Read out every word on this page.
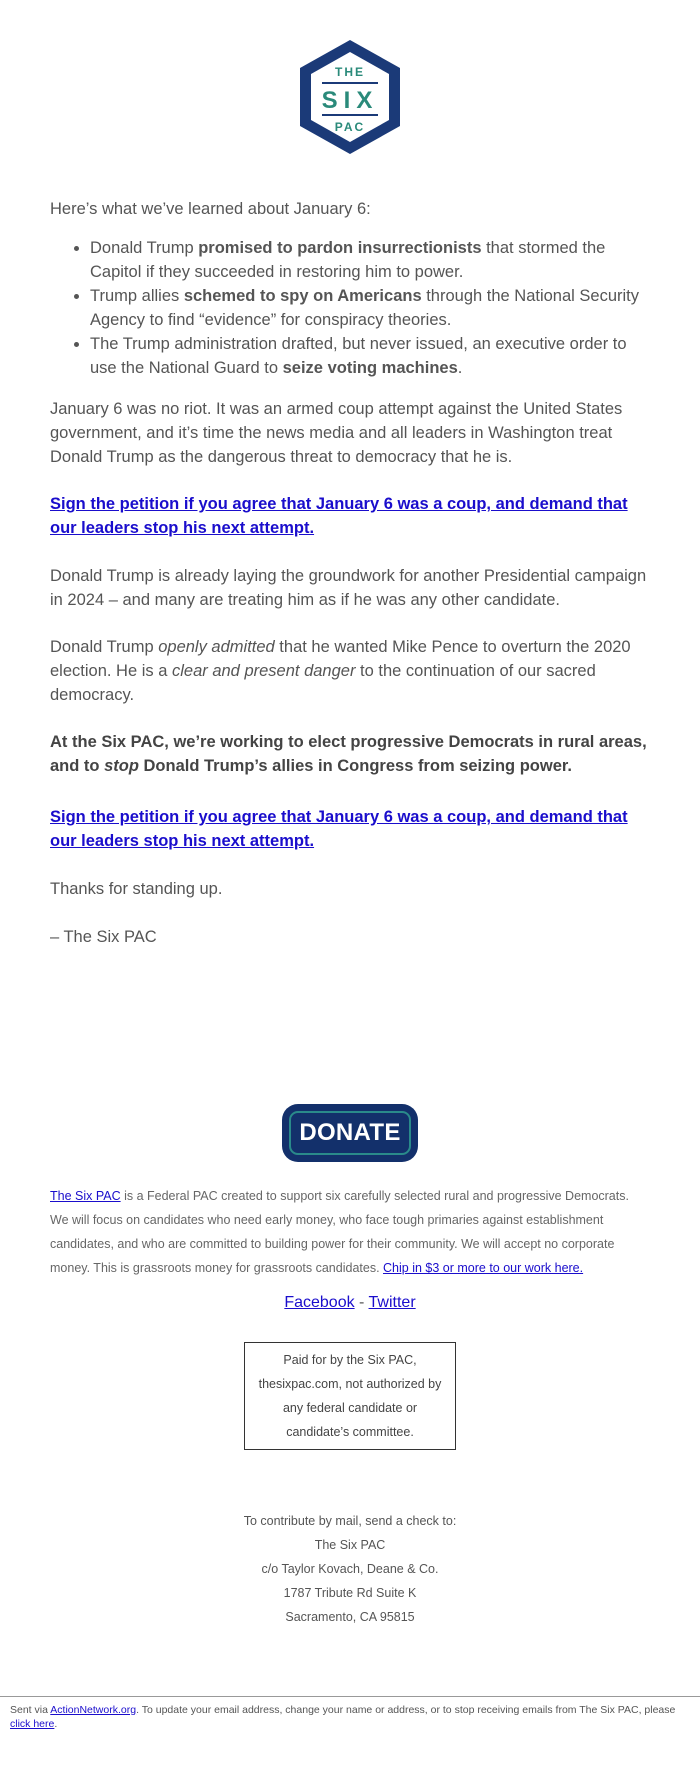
THE
SIX
PAC

Here’s what we’ve learned about January 6:

• Donald Trump promised to pardon insurrectionists that stormed the Capitol if they succeeded in restoring him to power.
• Trump allies schemed to spy on Americans through the National Security Agency to find “evidence” for conspiracy theories.
• The Trump administration drafted, but never issued, an executive order to use the National Guard to seize voting machines.

January 6 was no riot. It was an armed coup attempt against the United States government, and it’s time the news media and all leaders in Washington treat Donald Trump as the dangerous threat to democracy that he is.

Sign the petition if you agree that January 6 was a coup, and demand that our leaders stop his next attempt.

Donald Trump is already laying the groundwork for another Presidential campaign in 2024 – and many are treating him as if he was any other candidate.

Donald Trump openly admitted that he wanted Mike Pence to overturn the 2020 election. He is a clear and present danger to the continuation of our sacred democracy.

At the Six PAC, we’re working to elect progressive Democrats in rural areas, and to stop Donald Trump’s allies in Congress from seizing power.

Sign the petition if you agree that January 6 was a coup, and demand that our leaders stop his next attempt.

Thanks for standing up.

– The Six PAC

DONATE

The Six PAC is a Federal PAC created to support six carefully selected rural and progressive Democrats. We will focus on candidates who need early money, who face tough primaries against establishment candidates, and who are committed to building power for their community. We will accept no corporate money. This is grassroots money for grassroots candidates. Chip in $3 or more to our work here.

Facebook - Twitter
Paid for by the Six PAC, thesixpac.com, not authorized by any federal candidate or candidate’s committee.
To contribute by mail, send a check to:
The Six PAC
c/o Taylor Kovach, Deane & Co.
1787 Tribute Rd Suite K
Sacramento, CA 95815

Sent via ActionNetwork.org. To update your email address, change your name or address, or to stop receiving emails from The Six PAC, please click here.
